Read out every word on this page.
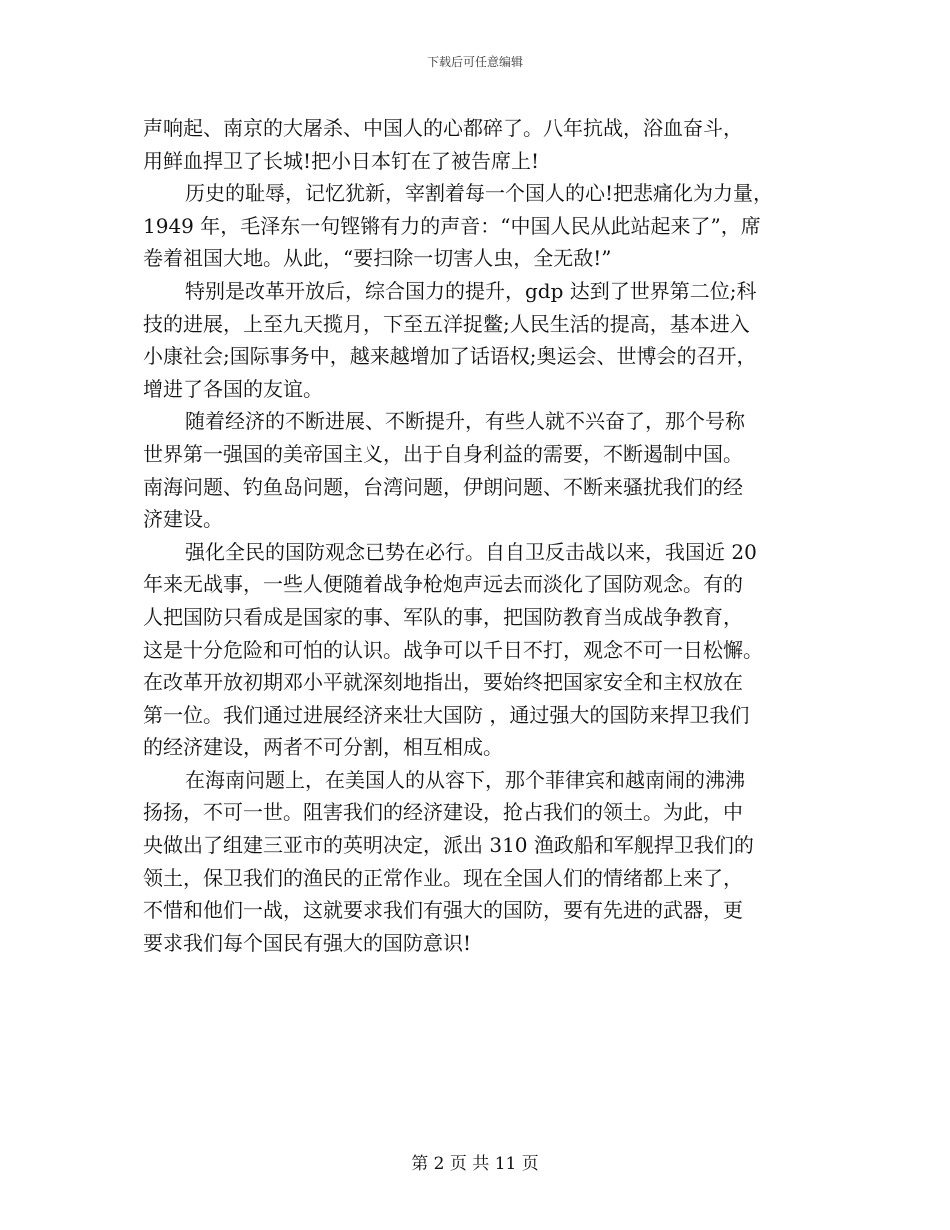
下载后可任意编辑
声响起、南京的大屠杀、中国人的心都碎了。八年抗战，浴血奋斗，
用鲜血捍卫了长城!把小日本钉在了被告席上!
历史的耻辱，记忆犹新，宰割着每一个国人的心!把悲痛化为力量，
1949 年，毛泽东一句铿锵有力的声音：“中国人民从此站起来了”，席
卷着祖国大地。从此，“要扫除一切害人虫，全无敌!”
特别是改革开放后，综合国力的提升，gdp 达到了世界第二位;科
技的进展，上至九天揽月，下至五洋捉鳖;人民生活的提高，基本进入
小康社会;国际事务中，越来越增加了话语权;奥运会、世博会的召开，
增进了各国的友谊。
随着经济的不断进展、不断提升，有些人就不兴奋了，那个号称
世界第一强国的美帝国主义，出于自身利益的需要，不断遏制中国。
南海问题、钓鱼岛问题，台湾问题，伊朗问题、不断来骚扰我们的经
济建设。
强化全民的国防观念已势在必行。自自卫反击战以来，我国近 20
年来无战事，一些人便随着战争枪炮声远去而淡化了国防观念。有的
人把国防只看成是国家的事、军队的事，把国防教育当成战争教育，
这是十分危险和可怕的认识。战争可以千日不打，观念不可一日松懈。
在改革开放初期邓小平就深刻地指出，要始终把国家安全和主权放在
第一位。我们通过进展经济来壮大国防 ，通过强大的国防来捍卫我们
的经济建设，两者不可分割，相互相成。
在海南问题上，在美国人的从容下，那个菲律宾和越南闹的沸沸
扬扬，不可一世。阻害我们的经济建设，抢占我们的领土。为此，中
央做出了组建三亚市的英明决定，派出 310 渔政船和军舰捍卫我们的
领土，保卫我们的渔民的正常作业。现在全国人们的情绪都上来了，
不惜和他们一战，这就要求我们有强大的国防，要有先进的武器，更
要求我们每个国民有强大的国防意识!
第 2 页 共 11 页
